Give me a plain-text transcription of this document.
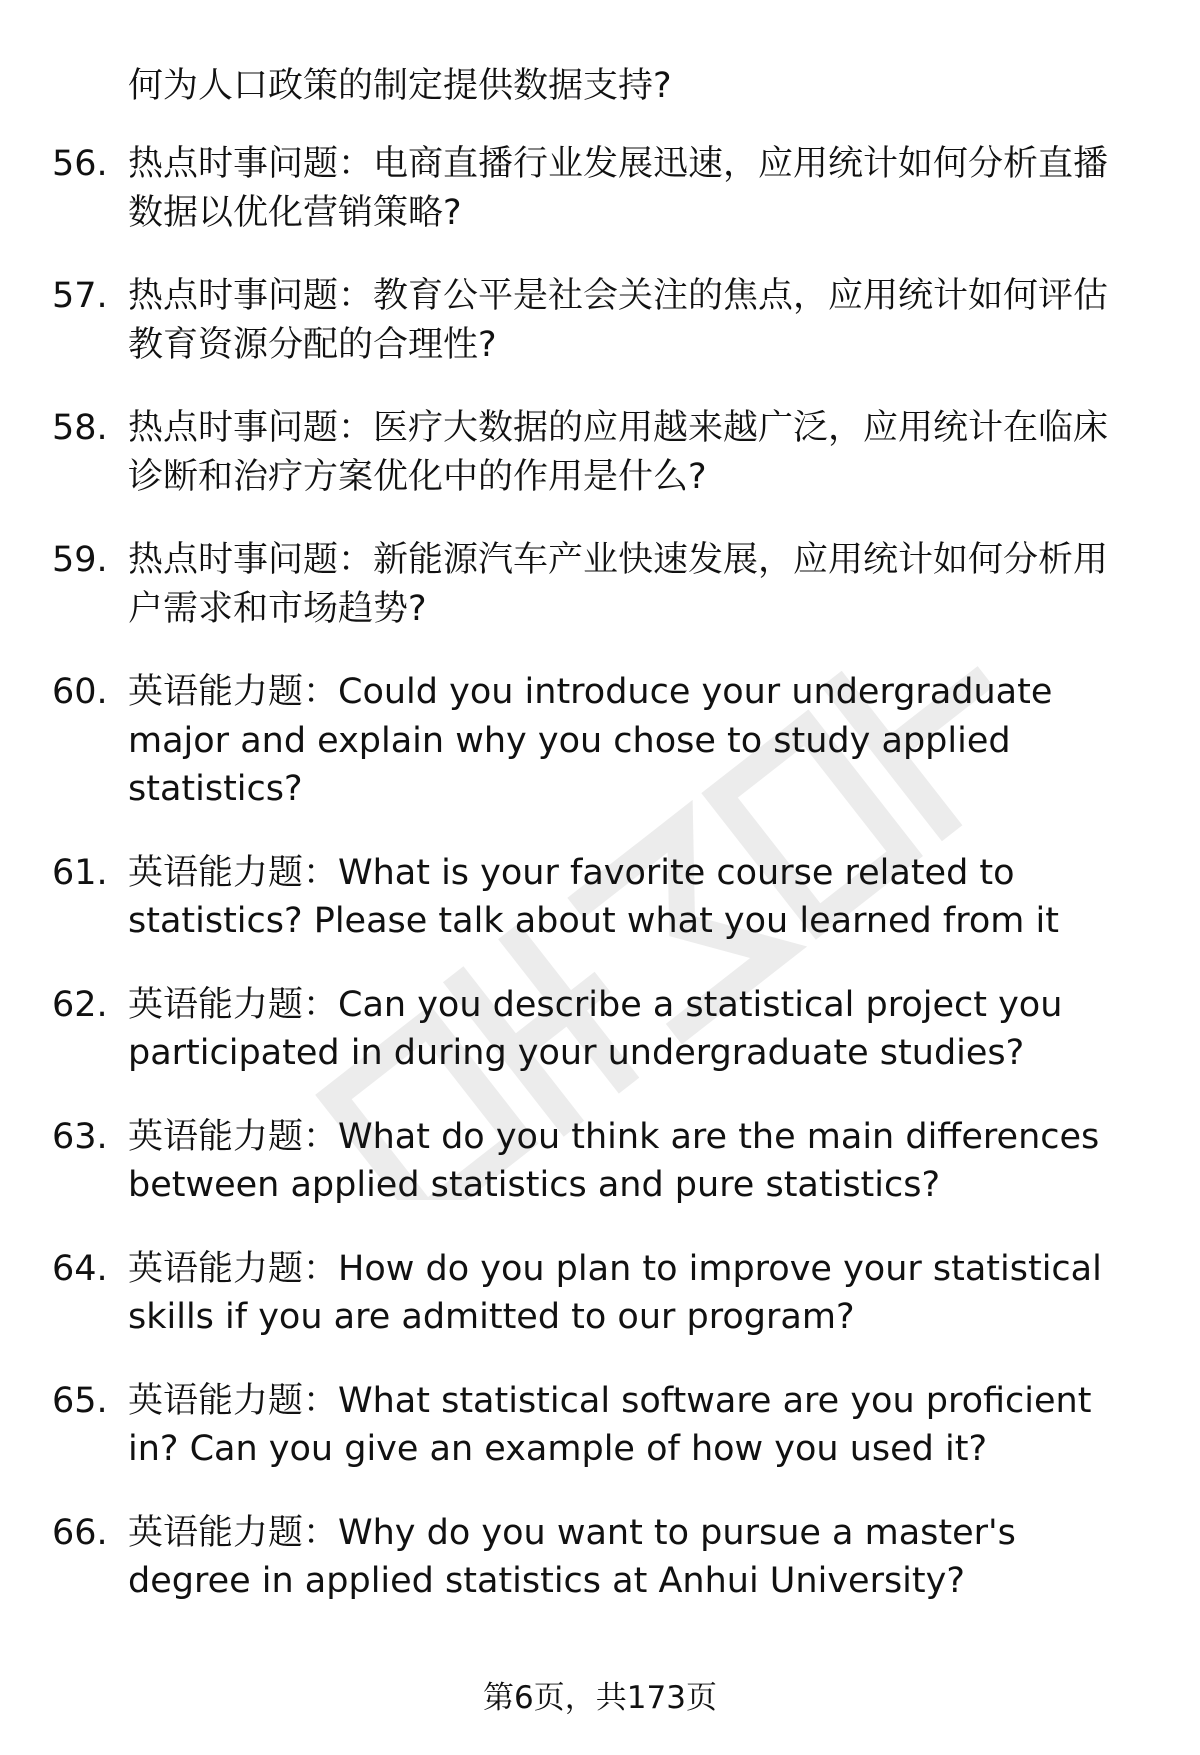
何为人口政策的制定提供数据支持?

56. 热点时事问题：电商直播行业发展迅速，应用统计如何分析直播数据以优化营销策略?
57. 热点时事问题：教育公平是社会关注的焦点，应用统计如何评估教育资源分配的合理性?
58. 热点时事问题：医疗大数据的应用越来越广泛，应用统计在临床诊断和治疗方案优化中的作用是什么?
59. 热点时事问题：新能源汽车产业快速发展，应用统计如何分析用户需求和市场趋势?
60. 英语能力题：Could you introduce your undergraduate major and explain why you chose to study applied statistics?
61. 英语能力题：What is your favorite course related to statistics? Please talk about what you learned from it
62. 英语能力题：Can you describe a statistical project you participated in during your undergraduate studies?
63. 英语能力题：What do you think are the main differences between applied statistics and pure statistics?
64. 英语能力题：How do you plan to improve your statistical skills if you are admitted to our program?
65. 英语能力题：What statistical software are you proficient in? Can you give an example of how you used it?
66. 英语能力题：Why do you want to pursue a master's degree in applied statistics at Anhui University?
第6页，共173页
